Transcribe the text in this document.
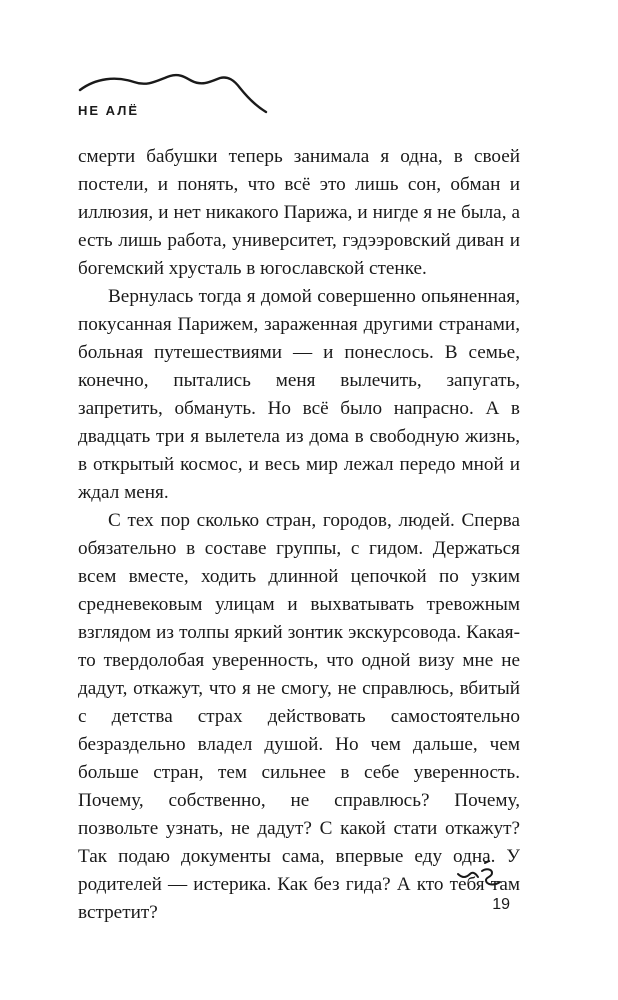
НЕ АЛЁ

смерти бабушки теперь занимала я одна, в своей постели, и понять, что всё это лишь сон, обман и иллюзия, и нет никакого Парижа, и нигде я не была, а есть лишь работа, университет, гэдээровский диван и богемский хрусталь в югославской стенке.

Вернулась тогда я домой совершенно опьяненная, покусанная Парижем, зараженная другими странами, больная путешествиями — и понеслось. В семье, конечно, пытались меня вылечить, запугать, запретить, обмануть. Но всё было напрасно. А в двадцать три я вылетела из дома в свободную жизнь, в открытый космос, и весь мир лежал передо мной и ждал меня.

С тех пор сколько стран, городов, людей. Сперва обязательно в составе группы, с гидом. Держаться всем вместе, ходить длинной цепочкой по узким средневековым улицам и выхватывать тревожным взглядом из толпы яркий зонтик экскурсовода. Какая-то твердолобая уверенность, что одной визу мне не дадут, откажут, что я не смогу, не справлюсь, вбитый с детства страх действовать самостоятельно безраздельно владел душой. Но чем дальше, чем больше стран, тем сильнее в себе уверенность. Почему, собственно, не справлюсь? Почему, позвольте узнать, не дадут? С какой стати откажут? Так подаю документы сама, впервые еду одна. У родителей — истерика. Как без гида? А кто тебя там встретит?	19
